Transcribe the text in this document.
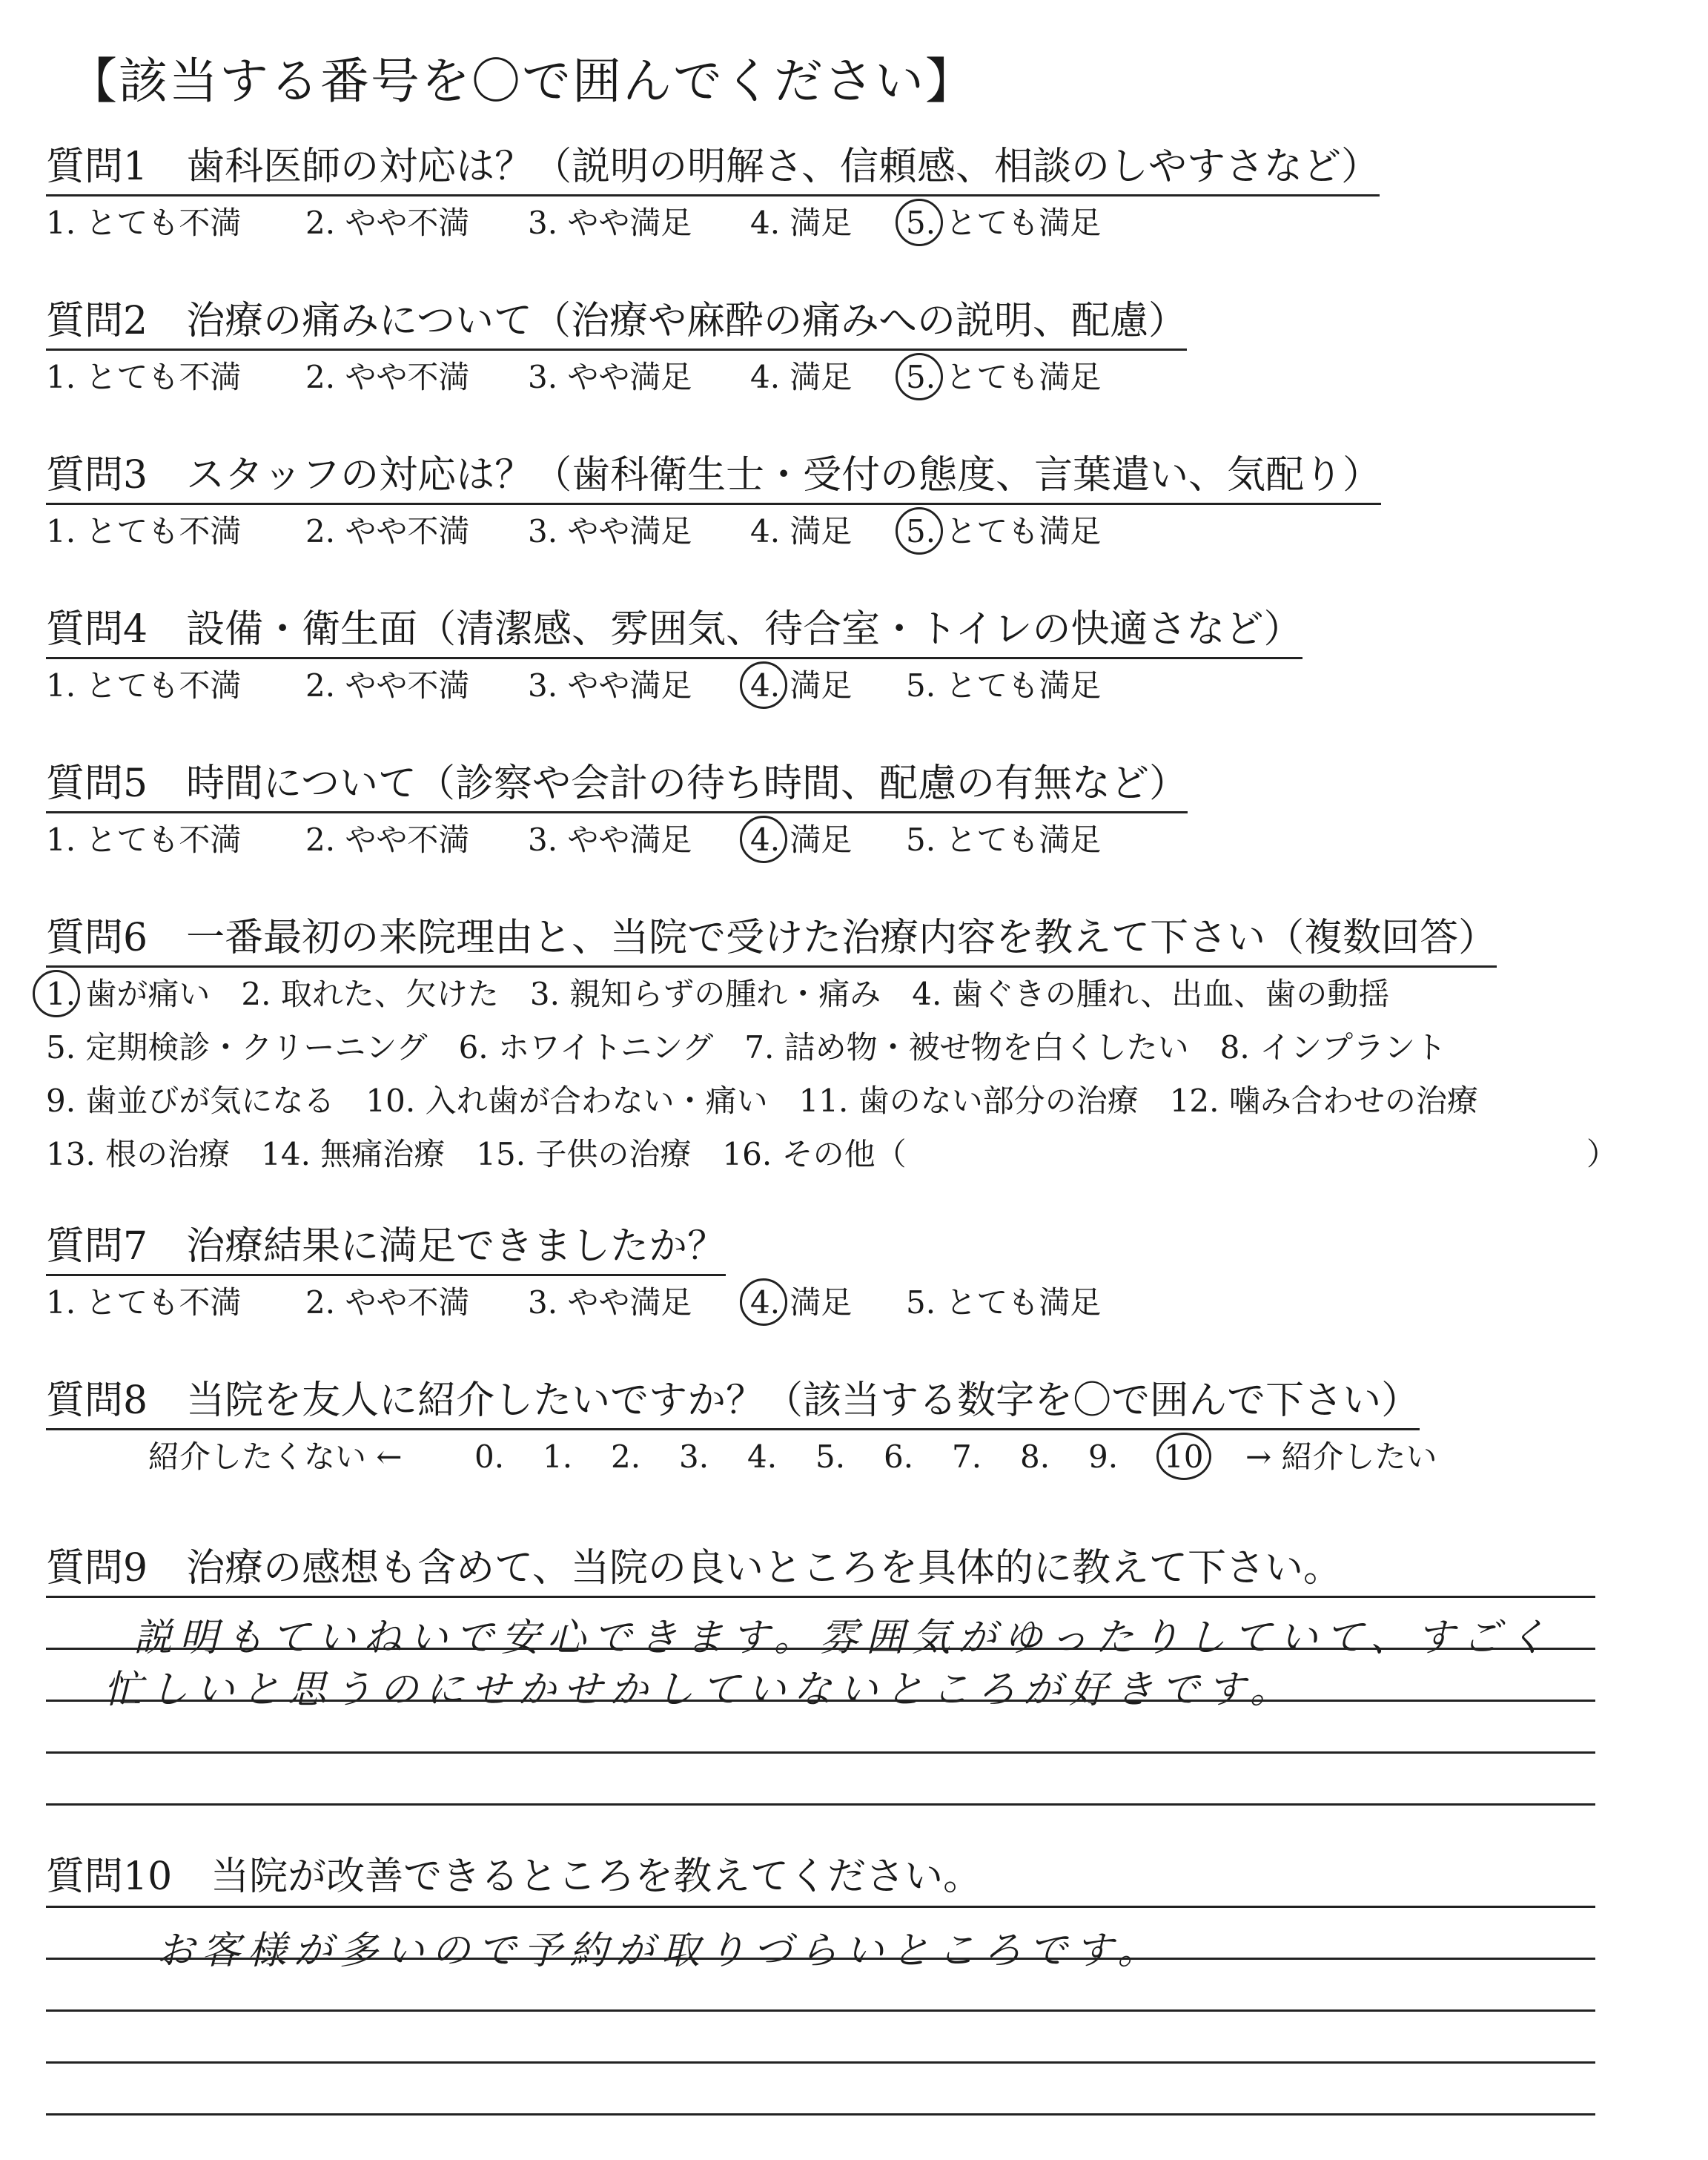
【該当する番号を〇で囲んでください】
質問1　歯科医師の対応は？（説明の明解さ、信頼感、相談のしやすさなど）
1. とても不満 2. やや不満 3. やや満足 4. 満足 5. とても満足
質問2　治療の痛みについて（治療や麻酔の痛みへの説明、配慮）
1. とても不満 2. やや不満 3. やや満足 4. 満足 5. とても満足
質問3　スタッフの対応は？（歯科衛生士・受付の態度、言葉遣い、気配り）
1. とても不満 2. やや不満 3. やや満足 4. 満足 5. とても満足
質問4　設備・衛生面（清潔感、雰囲気、待合室・トイレの快適さなど）
1. とても不満 2. やや不満 3. やや満足 4. 満足 5. とても満足
質問5　時間について（診察や会計の待ち時間、配慮の有無など）
1. とても不満 2. やや不満 3. やや満足 4. 満足 5. とても満足
質問6　一番最初の来院理由と、当院で受けた治療内容を教えて下さい（複数回答）
1. 歯が痛い　2. 取れた、欠けた　3. 親知らずの腫れ・痛み　4. 歯ぐきの腫れ、出血、歯の動揺
5. 定期検診・クリーニング　6. ホワイトニング　7. 詰め物・被せ物を白くしたい　8. インプラント
9. 歯並びが気になる　10. 入れ歯が合わない・痛い　11. 歯のない部分の治療　12. 噛み合わせの治療
13. 根の治療　14. 無痛治療　15. 子供の治療　16. その他（	）
質問7　治療結果に満足できましたか？
1. とても不満 2. やや不満 3. やや満足 4. 満足 5. とても満足
質問8　当院を友人に紹介したいですか？（該当する数字を〇で囲んで下さい）
紹介したくない ← 0. 1. 2. 3. 4. 5. 6. 7. 8. 9. 10 → 紹介したい
質問9　治療の感想も含めて、当院の良いところを具体的に教えて下さい。
説明もていねいで安心できます。雰囲気がゆったりしていて、すごく
忙しいと思うのにせかせかしていないところが好きです。
質問10　当院が改善できるところを教えてください。
お客様が多いので予約が取りづらいところです。
